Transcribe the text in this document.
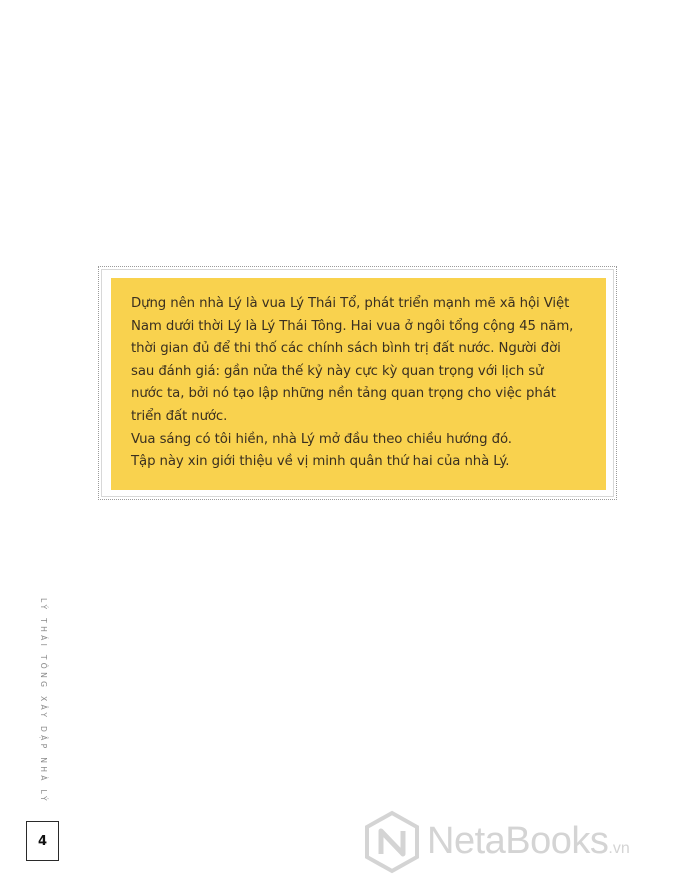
Dựng nên nhà Lý là vua Lý Thái Tổ, phát triển mạnh mẽ xã hội Việt
Nam dưới thời Lý là Lý Thái Tông. Hai vua ở ngôi tổng cộng 45 năm,
thời gian đủ để thi thố các chính sách bình trị đất nước. Người đời
sau đánh giá: gần nửa thế kỷ này cực kỳ quan trọng với lịch sử
nước ta, bởi nó tạo lập những nền tảng quan trọng cho việc phát
triển đất nước.
Vua sáng có tôi hiền, nhà Lý mở đầu theo chiều hướng đó.
Tập này xin giới thiệu về vị minh quân thứ hai của nhà Lý.

LÝ THÁI TÔNG XÂY DẬP NHÀ LÝ
4	NetaBooks.vn
